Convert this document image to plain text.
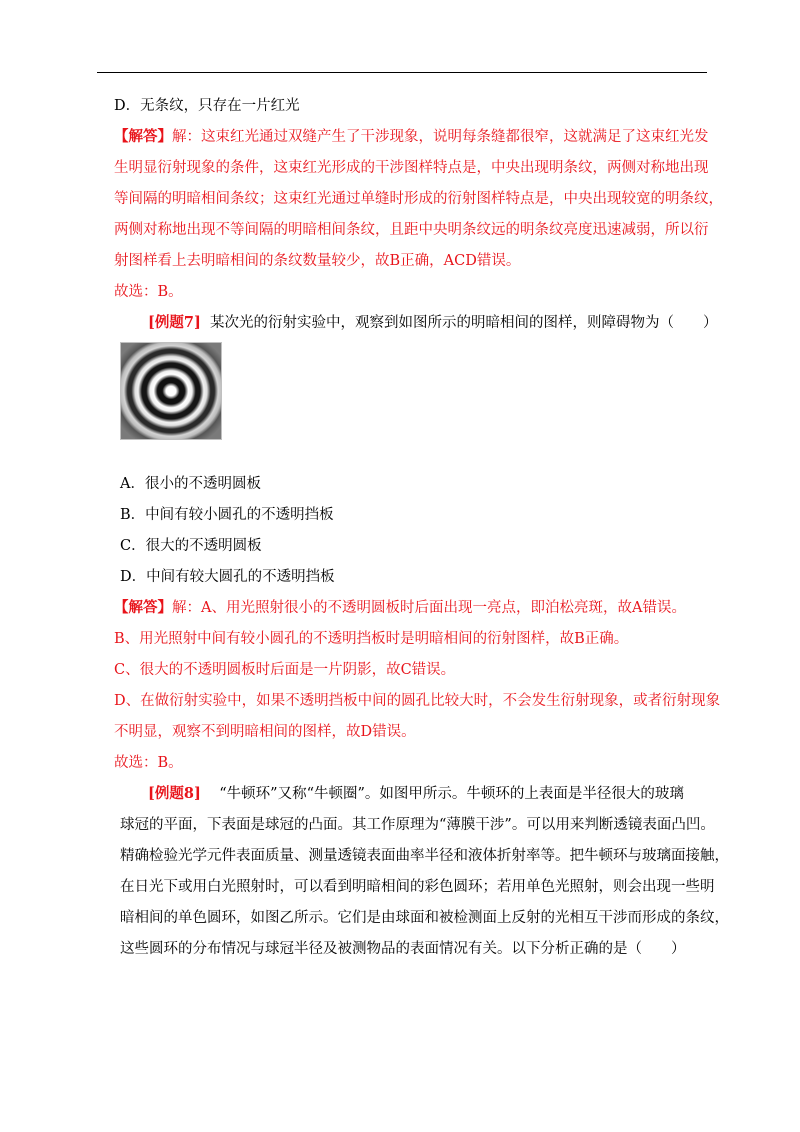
D．无条纹，只存在一片红光
【解答】解：这束红光通过双缝产生了干涉现象，说明每条缝都很窄，这就满足了这束红光发
生明显衍射现象的条件，这束红光形成的干涉图样特点是，中央出现明条纹，两侧对称地出现
等间隔的明暗相间条纹；这束红光通过单缝时形成的衍射图样特点是，中央出现较宽的明条纹，
两侧对称地出现不等间隔的明暗相间条纹，且距中央明条纹远的明条纹亮度迅速减弱，所以衍
射图样看上去明暗相间的条纹数量较少，故B正确，ACD错误。
故选：B。
[例题7] 某次光的衍射实验中，观察到如图所示的明暗相间的图样，则障碍物为（　　）
A．很小的不透明圆板
B．中间有较小圆孔的不透明挡板
C．很大的不透明圆板
D．中间有较大圆孔的不透明挡板
【解答】解：A、用光照射很小的不透明圆板时后面出现一亮点，即泊松亮斑，故A错误。
B、用光照射中间有较小圆孔的不透明挡板时是明暗相间的衍射图样，故B正确。
C、很大的不透明圆板时后面是一片阴影，故C错误。
D、在做衍射实验中，如果不透明挡板中间的圆孔比较大时，不会发生衍射现象，或者衍射现象
不明显，观察不到明暗相间的图样，故D错误。
故选：B。
[例题8] “牛顿环”又称“牛顿圈”。如图甲所示。牛顿环的上表面是半径很大的玻璃
球冠的平面，下表面是球冠的凸面。其工作原理为“薄膜干涉”。可以用来判断透镜表面凸凹。
精确检验光学元件表面质量、测量透镜表面曲率半径和液体折射率等。把牛顿环与玻璃面接触，
在日光下或用白光照射时，可以看到明暗相间的彩色圆环；若用单色光照射，则会出现一些明
暗相间的单色圆环，如图乙所示。它们是由球面和被检测面上反射的光相互干涉而形成的条纹，
这些圆环的分布情况与球冠半径及被测物品的表面情况有关。以下分析正确的是（　　）
